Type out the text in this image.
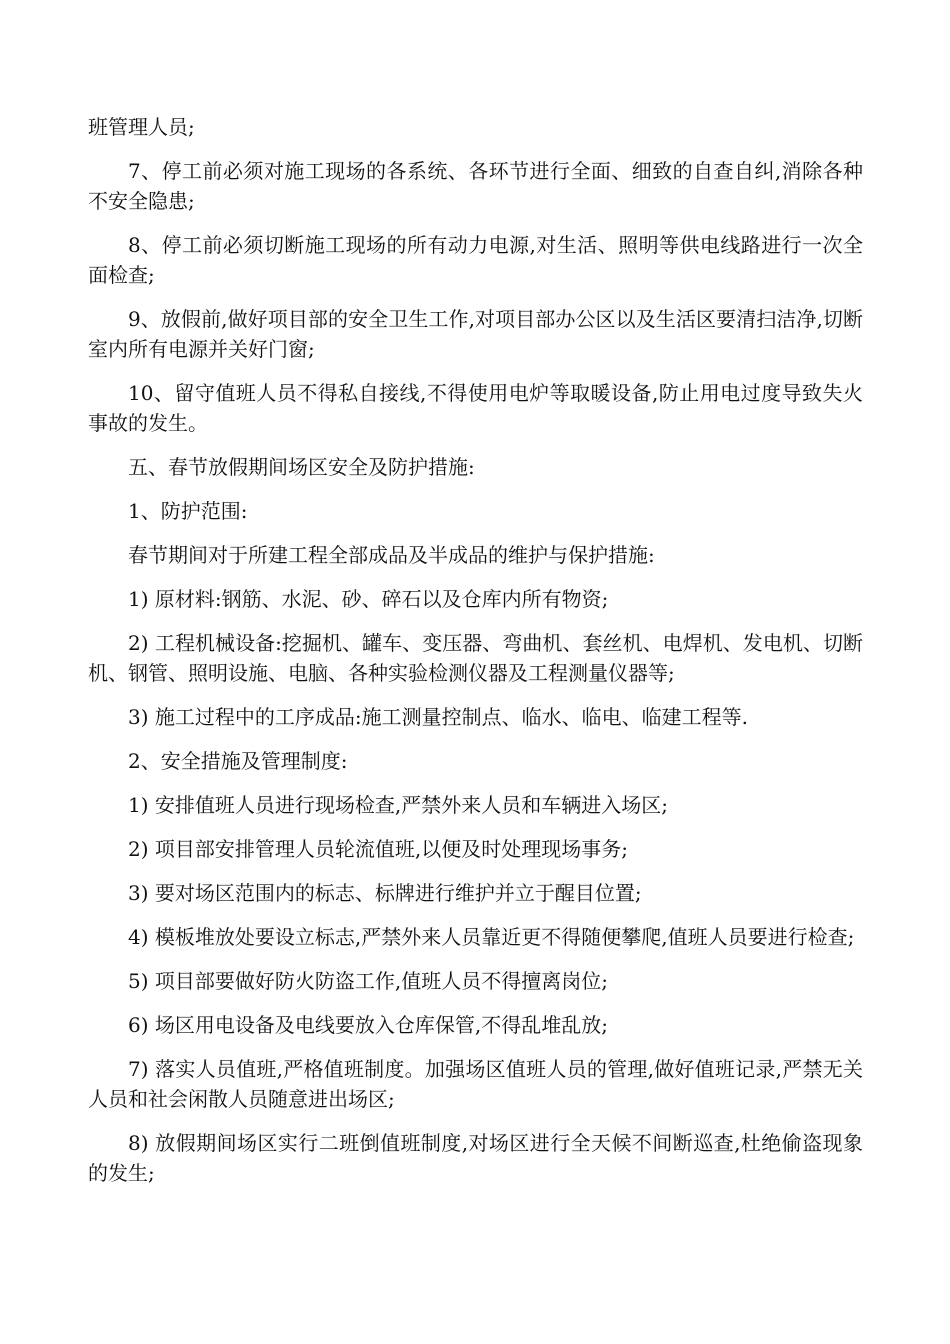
班管理人员;

7、停工前必须对施工现场的各系统、各环节进行全面、细致的自查自纠,消除各种不安全隐患;

8、停工前必须切断施工现场的所有动力电源,对生活、照明等供电线路进行一次全面检查;

9、放假前,做好项目部的安全卫生工作,对项目部办公区以及生活区要清扫洁净,切断室内所有电源并关好门窗;

10、留守值班人员不得私自接线,不得使用电炉等取暖设备,防止用电过度导致失火事故的发生。

五、春节放假期间场区安全及防护措施:

1、防护范围:

春节期间对于所建工程全部成品及半成品的维护与保护措施:

1) 原材料:钢筋、水泥、砂、碎石以及仓库内所有物资;

2) 工程机械设备:挖掘机、罐车、变压器、弯曲机、套丝机、电焊机、发电机、切断机、钢管、照明设施、电脑、各种实验检测仪器及工程测量仪器等;

3) 施工过程中的工序成品:施工测量控制点、临水、临电、临建工程等.

2、安全措施及管理制度:

1) 安排值班人员进行现场检查,严禁外来人员和车辆进入场区;

2) 项目部安排管理人员轮流值班,以便及时处理现场事务;

3) 要对场区范围内的标志、标牌进行维护并立于醒目位置;

4) 模板堆放处要设立标志,严禁外来人员靠近更不得随便攀爬,值班人员要进行检查;

5) 项目部要做好防火防盗工作,值班人员不得擅离岗位;

6) 场区用电设备及电线要放入仓库保管,不得乱堆乱放;

7) 落实人员值班,严格值班制度。加强场区值班人员的管理,做好值班记录,严禁无关人员和社会闲散人员随意进出场区;

8) 放假期间场区实行二班倒值班制度,对场区进行全天候不间断巡查,杜绝偷盗现象的发生;
